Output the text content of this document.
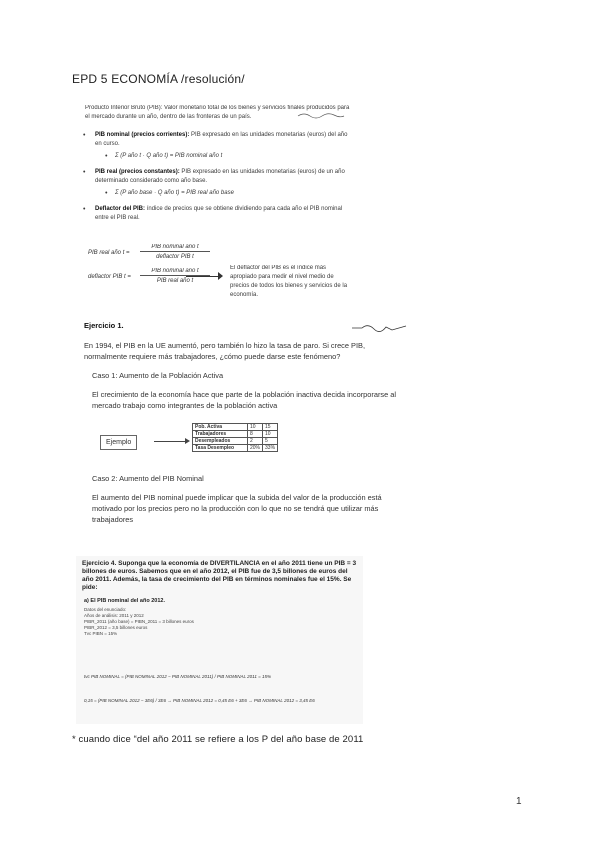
EPD 5 ECONOMÍA /resolución/
Producto Interior Bruto (PIB): Valor monetario total de los bienes y servicios finales producidos para el mercado durante un año, dentro de las fronteras de un país.
• PIB nominal (precios corrientes): PIB expresado en las unidades monetarias (euros) del año en curso.
• Σ (P año t · Q año t) = PIB nominal año t
• PIB real (precios constantes): PIB expresado en las unidades monetarias (euros) de un año determinado considerado como año base.
• Σ (P año base · Q año t) = PIB real año base
• Deflactor del PIB: índice de precios que se obtiene dividiendo para cada año el PIB nominal entre el PIB real.
PIB real año t =
PIB nominal año t
deflactor PIB t
deflactor PIB t =
PIB nominal año t
PIB real año t
El deflactor del PIB es el índice más apropiado para medir el nivel medio de precios de todos los bienes y servicios de la economía.
Ejercicio 1.
En 1994, el PIB en la UE aumentó, pero también lo hizo la tasa de paro. Si crece PIB, normalmente requiere más trabajadores, ¿cómo puede darse este fenómeno?
Caso 1: Aumento de la Población Activa
El crecimiento de la economía hace que parte de la población inactiva decida incorporarse al mercado trabajo como integrantes de la población activa
Ejemplo
Pob. Activa	10	15
Trabajadores	8	10
Desempleados	2	5
Tasa Desempleo	20%	33%
Caso 2: Aumento del PIB Nominal
El aumento del PIB nominal puede implicar que la subida del valor de la producción está motivado por los precios pero no la producción con lo que no se tendrá que utilizar más trabajadores
Ejercicio 4. Suponga que la economía de DIVERTILANCIA en el año 2011 tiene un PIB = 3 billones de euros. Sabemos que en el año 2012, el PIB fue de 3,5 billones de euros del año 2011. Además, la tasa de crecimiento del PIB en términos nominales fue el 15%. Se pide:
a) El PIB nominal del año 2012.
Datos del enunciado:
Años de análisis: 2011 y 2012
PIBR_2011 (año base) = PIBN_2011 = 3 billones euros
PIBR_2012 = 3,5 billones euros
Tvc PIBN = 15%
tvc PIB NOMINAL = (PIB NOMINAL 2012 − PIB NOMINAL 2011) / PIB NOMINAL 2011 = 15%
0,15 = (PIB NOMINAL 2012 − 3E6) / 3E6 → PIB NOMINAL 2012 = 0,45 E6 + 3E6 → PIB NOMINAL 2012 = 3,45 E6
* cuando dice “del año 2011 se refiere a los P del año base de 2011
1
